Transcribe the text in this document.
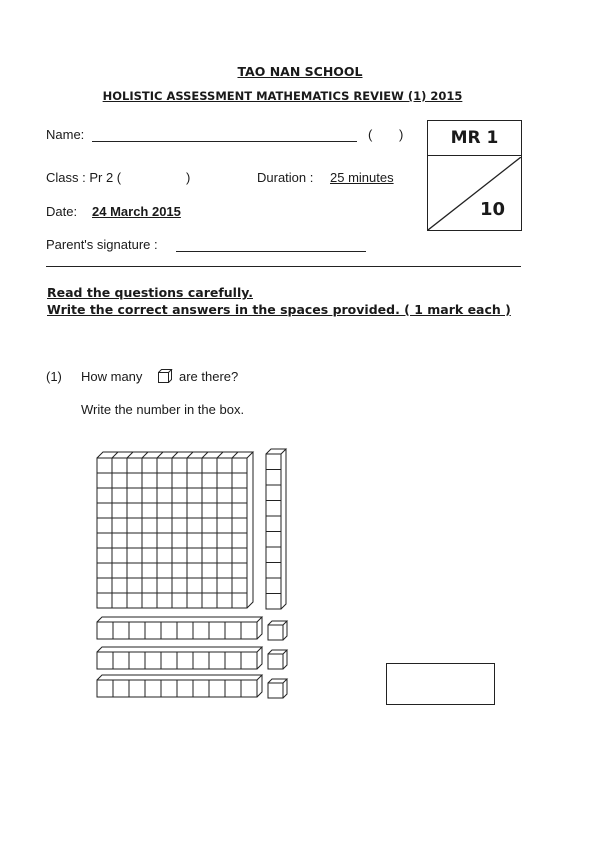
TAO NAN SCHOOL
HOLISTIC ASSESSMENT MATHEMATICS REVIEW (1) 2015
Name:	( )
Class : Pr 2 (	)	Duration : 25 minutes
Date:	24 March 2015
Parent's signature :
MR 1
10
Read the questions carefully.
Write the correct answers in the spaces provided. ( 1 mark each )
(1) How many	are there?
Write the number in the box.
